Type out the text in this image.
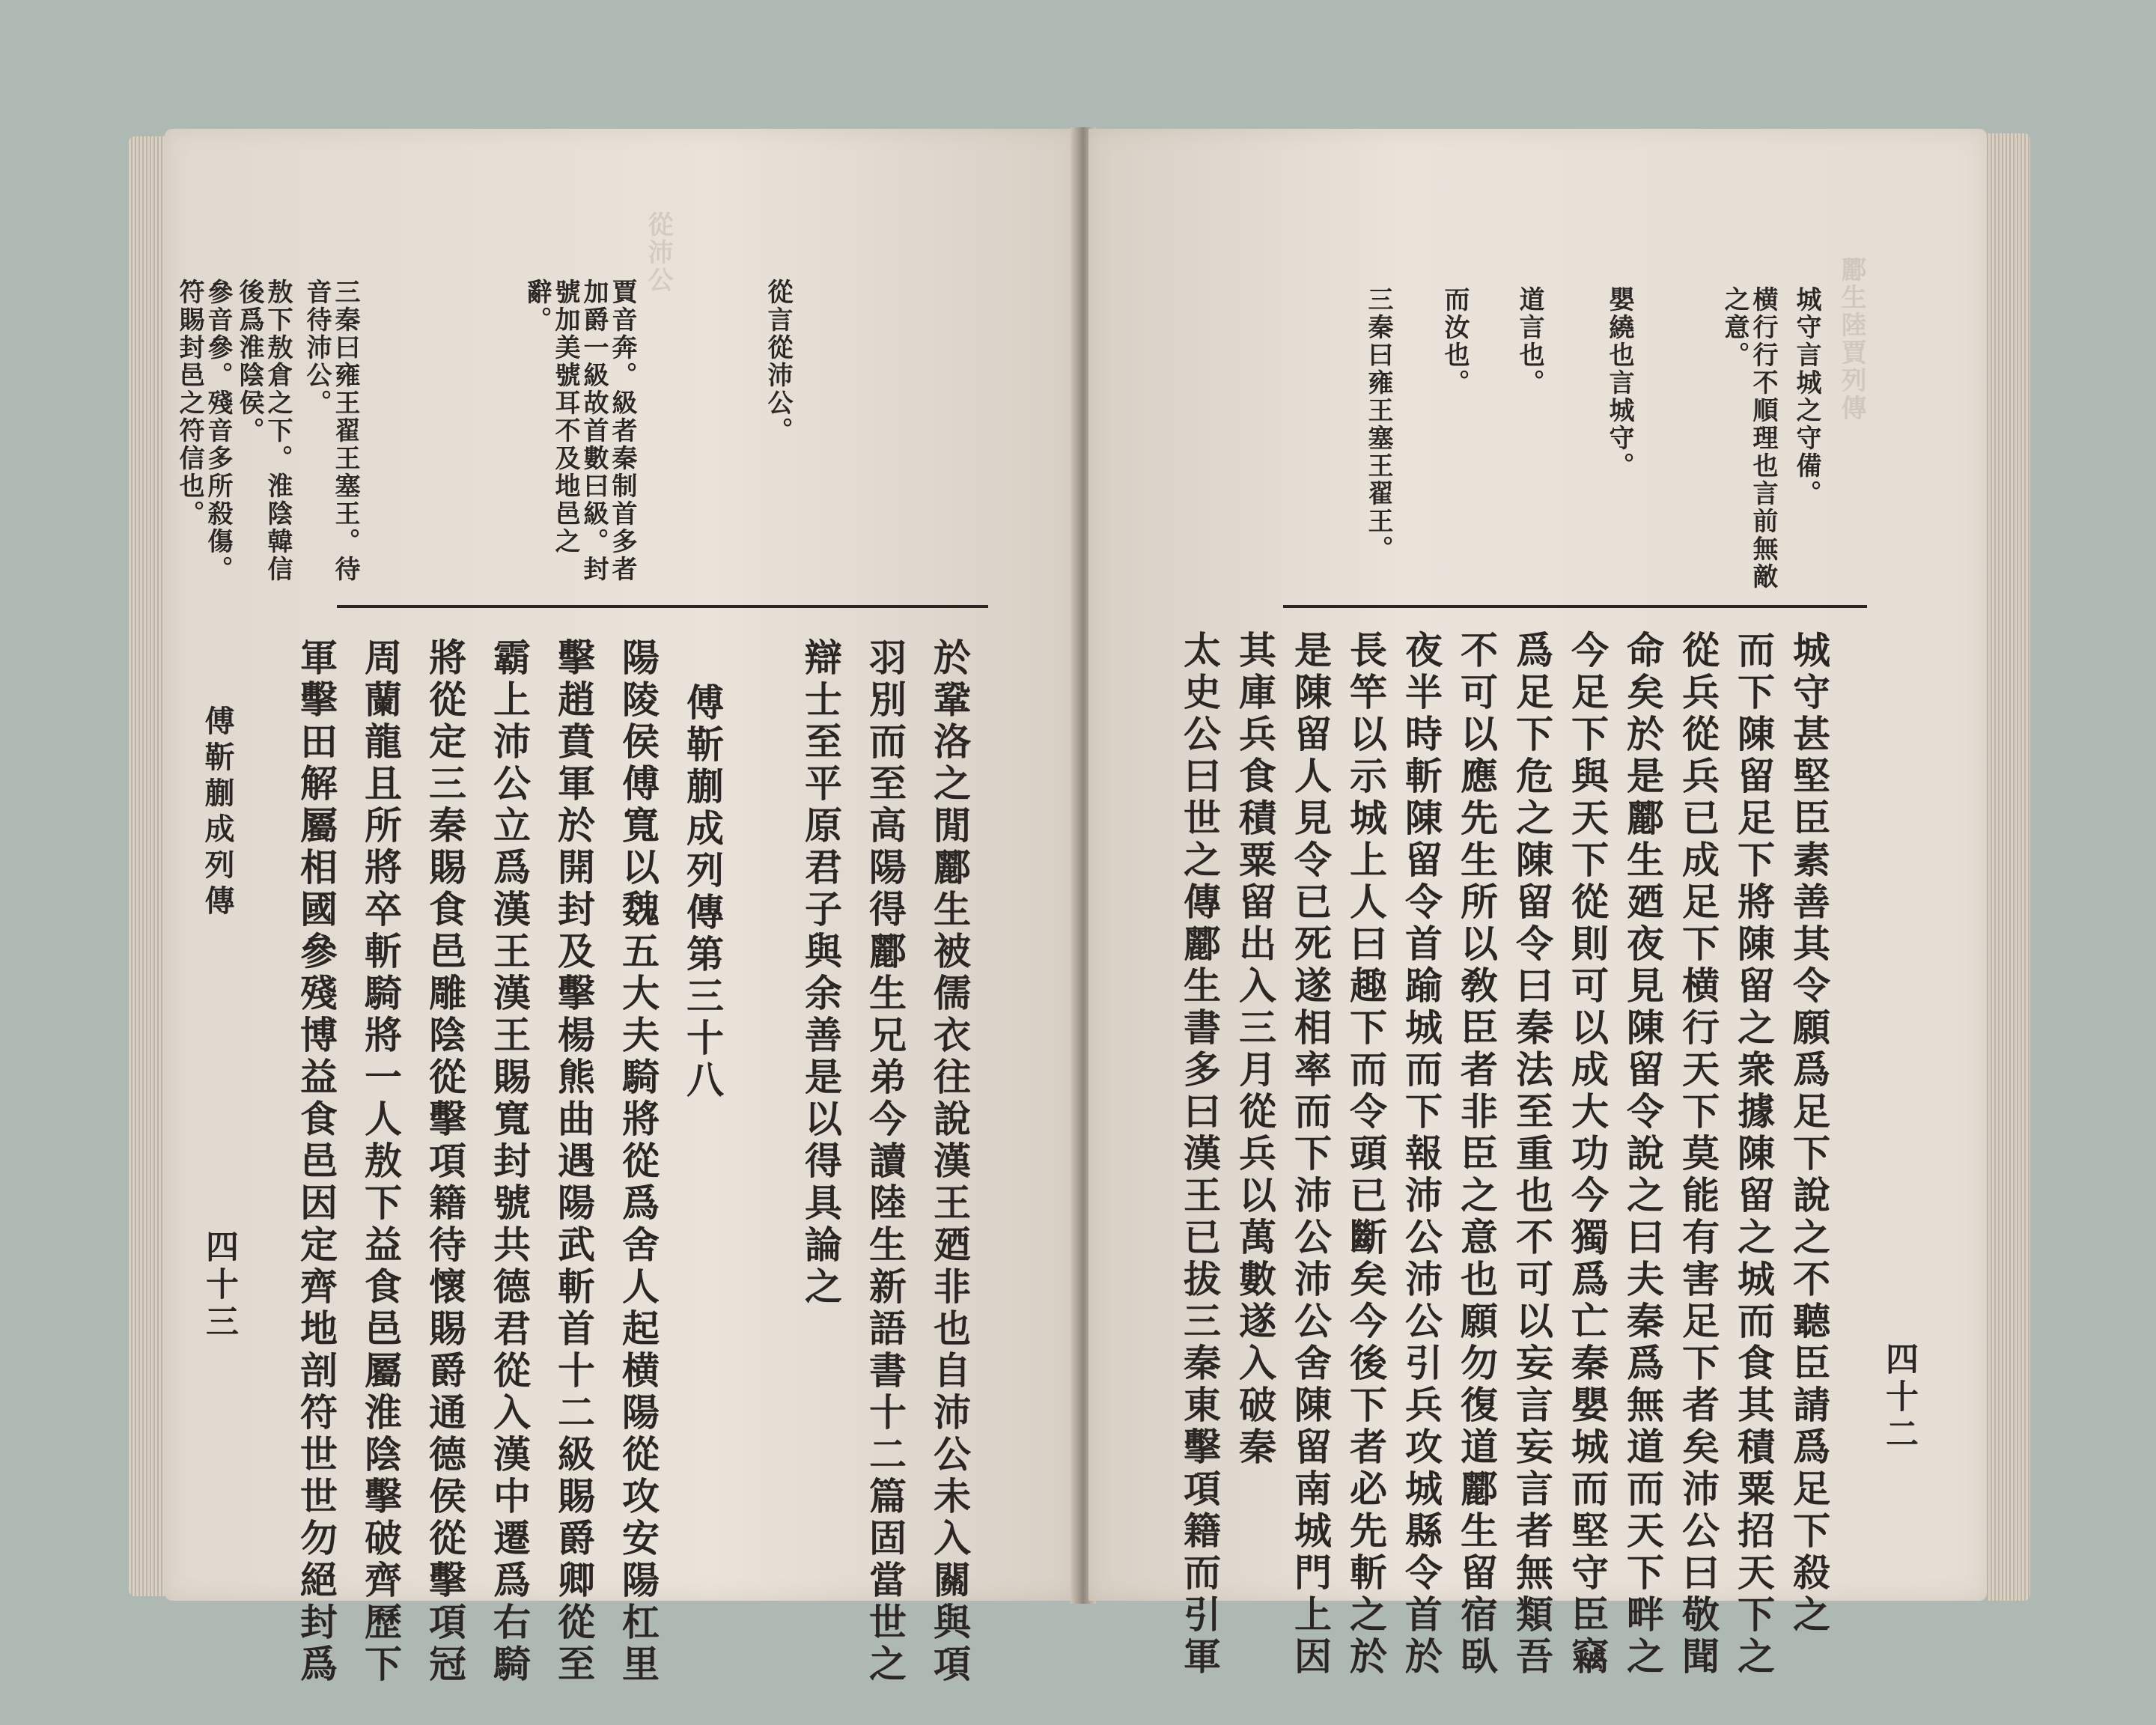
從沛公
從言從沛公。
賈音奔。級者秦制首多者加爵一級故首數曰級。封號加美號耳不及地邑之辭。
三秦曰雍王翟王塞王。待音待沛公。
敖下敖倉之下。淮陰韓信後爲淮陰侯。
參音參。殘音多所殺傷。符賜封邑之符信也。
於鞏洛之閒酈生被儒衣往說漢王廼非也自沛公未入關與項
羽別而至高陽得酈生兄弟今讀陸生新語書十二篇固當世之
辯士至平原君子與余善是以得具論之
傅靳蒯成列傳第三十八
陽陵侯傅寬以魏五大夫騎將從爲舍人起横陽從攻安陽杠里
擊趙賁軍於開封及擊楊熊曲遇陽武斬首十二級賜爵卿從至
霸上沛公立爲漢王漢王賜寬封號共德君從入漢中遷爲右騎
將從定三秦賜食邑雕陰從擊項籍待懷賜爵通德侯從擊項冠
周蘭龍且所將卒斬騎將一人敖下益食邑屬淮陰擊破齊歷下
軍擊田解屬相國參殘博益食邑因定齊地剖符世世勿絕封爲
傅靳蒯成列傳
四十三
酈生陸賈列傳
城守言城之守備。
横行行不順理也言前無敵之意。
嬰繞也言城守。
道言也。
而汝也。
三秦曰雍王塞王翟王。
城守甚堅臣素善其令願爲足下說之不聽臣請爲足下殺之
而下陳留足下將陳留之衆據陳留之城而食其積粟招天下之
從兵從兵已成足下横行天下莫能有害足下者矣沛公曰敬聞
命矣於是酈生廼夜見陳留令說之曰夫秦爲無道而天下畔之
今足下與天下從則可以成大功今獨爲亡秦嬰城而堅守臣竊
爲足下危之陳留令曰秦法至重也不可以妄言妄言者無類吾
不可以應先生所以敎臣者非臣之意也願勿復道酈生留宿臥
夜半時斬陳留令首踰城而下報沛公沛公引兵攻城縣令首於
長竿以示城上人曰趣下而令頭已斷矣今後下者必先斬之於
是陳留人見令已死遂相率而下沛公沛公舍陳留南城門上因
其庫兵食積粟留出入三月從兵以萬數遂入破秦
太史公曰世之傳酈生書多曰漢王已拔三秦東擊項籍而引軍	四十二
